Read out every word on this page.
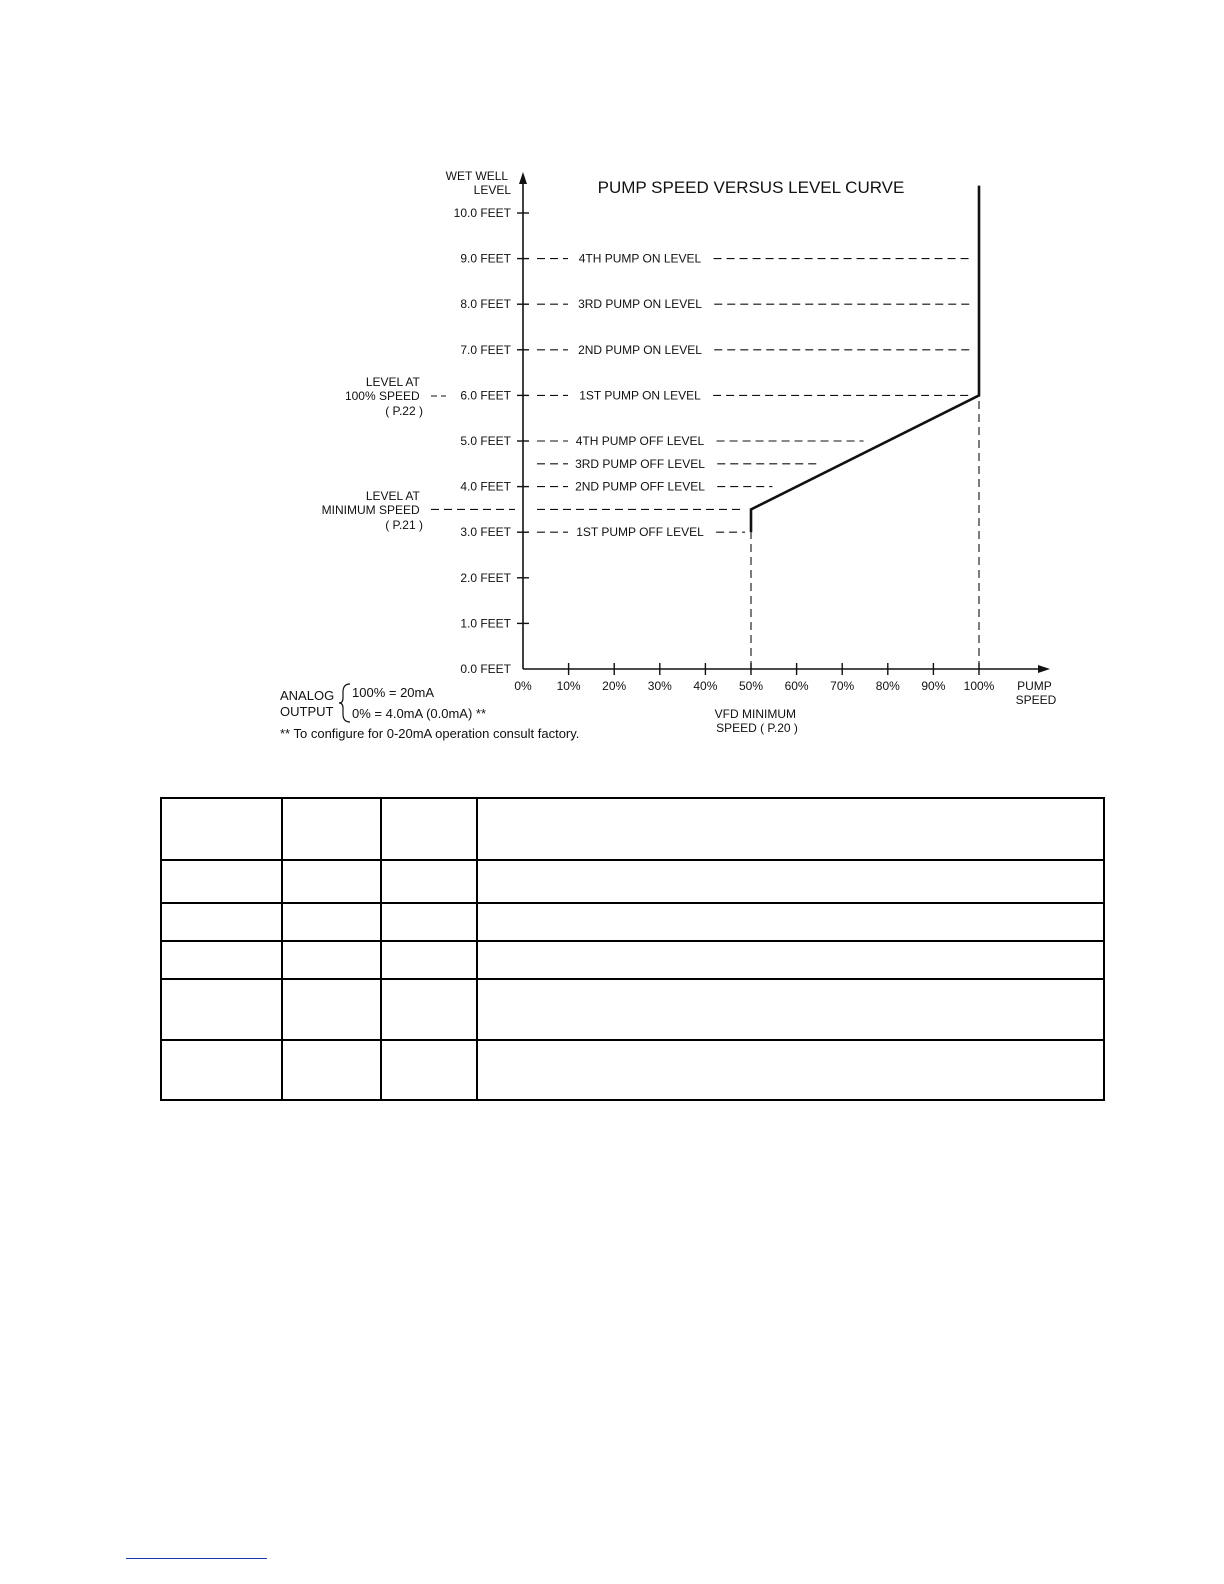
PUMP SPEED VERSUS LEVEL CURVE
WET WELL LEVEL
PUMP SPEED
0.0 FEET
1.0 FEET
2.0 FEET
3.0 FEET
4.0 FEET
5.0 FEET
6.0 FEET
7.0 FEET
8.0 FEET
9.0 FEET
10.0 FEET
0% 10% 20% 30% 40% 50% 60% 70% 80% 90% 100%
4TH PUMP ON LEVEL
3RD PUMP ON LEVEL
2ND PUMP ON LEVEL
1ST PUMP ON LEVEL
4TH PUMP OFF LEVEL
3RD PUMP OFF LEVEL
2ND PUMP OFF LEVEL
1ST PUMP OFF LEVEL
LEVEL AT 100% SPEED ( P.22 )
LEVEL AT MINIMUM SPEED ( P.21 )
VFD MINIMUM SPEED ( P.20 )
ANALOG OUTPUT
100% = 20mA
0% = 4.0mA (0.0mA) **
** To configure for 0-20mA operation consult factory.
